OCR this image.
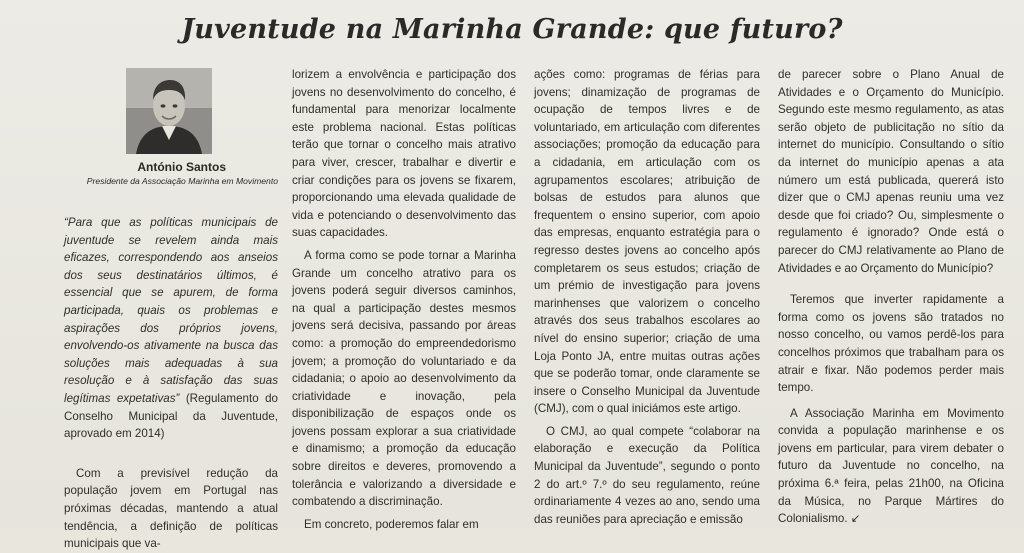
Juventude na Marinha Grande: que futuro?
António Santos
Presidente da Associação Marinha em Movimento

“Para que as políticas municipais de juventude se revelem ainda mais eficazes, correspondendo aos anseios dos seus destinatários últimos, é essencial que se apurem, de forma participada, quais os problemas e aspirações dos próprios jovens, envolvendo-os ativamente na busca das soluções mais adequadas à sua resolução e à satisfação das suas legítimas expetativas” (Regulamento do Conselho Municipal da Juventude, aprovado em 2014)

Com a previsível redução da população jovem em Portugal nas próximas décadas, mantendo a atual tendência, a definição de políticas municipais que va-

lorizem a envolvência e participação dos jovens no desenvolvimento do concelho, é fundamental para menorizar localmente este problema nacional. Estas políticas terão que tornar o concelho mais atrativo para viver, crescer, trabalhar e divertir e criar condições para os jovens se fixarem, proporcionando uma elevada qualidade de vida e potenciando o desenvolvimento das suas capacidades.

A forma como se pode tornar a Marinha Grande um concelho atrativo para os jovens poderá seguir diversos caminhos, na qual a participação destes mesmos jovens será decisiva, passando por áreas como: a promoção do empreendedorismo jovem; a promoção do voluntariado e da cidadania; o apoio ao desenvolvimento da criatividade e inovação, pela disponibilização de espaços onde os jovens possam explorar a sua criatividade e dinamismo; a promoção da educação sobre direitos e deveres, promovendo a tolerância e valorizando a diversidade e combatendo a discriminação.

Em concreto, poderemos falar em

ações como: programas de férias para jovens; dinamização de programas de ocupação de tempos livres e de voluntariado, em articulação com diferentes associações; promoção da educação para a cidadania, em articulação com os agrupamentos escolares; atribuição de bolsas de estudos para alunos que frequentem o ensino superior, com apoio das empresas, enquanto estratégia para o regresso destes jovens ao concelho após completarem os seus estudos; criação de um prémio de investigação para jovens marinhenses que valorizem o concelho através dos seus trabalhos escolares ao nível do ensino superior; criação de uma Loja Ponto JA, entre muitas outras ações que se poderão tomar, onde claramente se insere o Conselho Municipal da Juventude (CMJ), com o qual iniciámos este artigo.

O CMJ, ao qual compete “colaborar na elaboração e execução da Política Municipal da Juventude”, segundo o ponto 2 do art.º 7.º do seu regulamento, reúne ordinariamente 4 vezes ao ano, sendo uma das reuniões para apreciação e emissão

de parecer sobre o Plano Anual de Atividades e o Orçamento do Município. Segundo este mesmo regulamento, as atas serão objeto de publicitação no sítio da internet do município. Consultando o sítio da internet do município apenas a ata número um está publicada, quererá isto dizer que o CMJ apenas reuniu uma vez desde que foi criado? Ou, simplesmente o regulamento é ignorado? Onde está o parecer do CMJ relativamente ao Plano de Atividades e ao Orçamento do Município?

Teremos que inverter rapidamente a forma como os jovens são tratados no nosso concelho, ou vamos perdê-los para concelhos próximos que trabalham para os atrair e fixar. Não podemos perder mais tempo.

A Associação Marinha em Movimento convida a população marinhense e os jovens em particular, para virem debater o futuro da Juventude no concelho, na próxima 6.ª feira, pelas 21h00, na Oficina da Música, no Parque Mártires do Colonialismo. ↙
